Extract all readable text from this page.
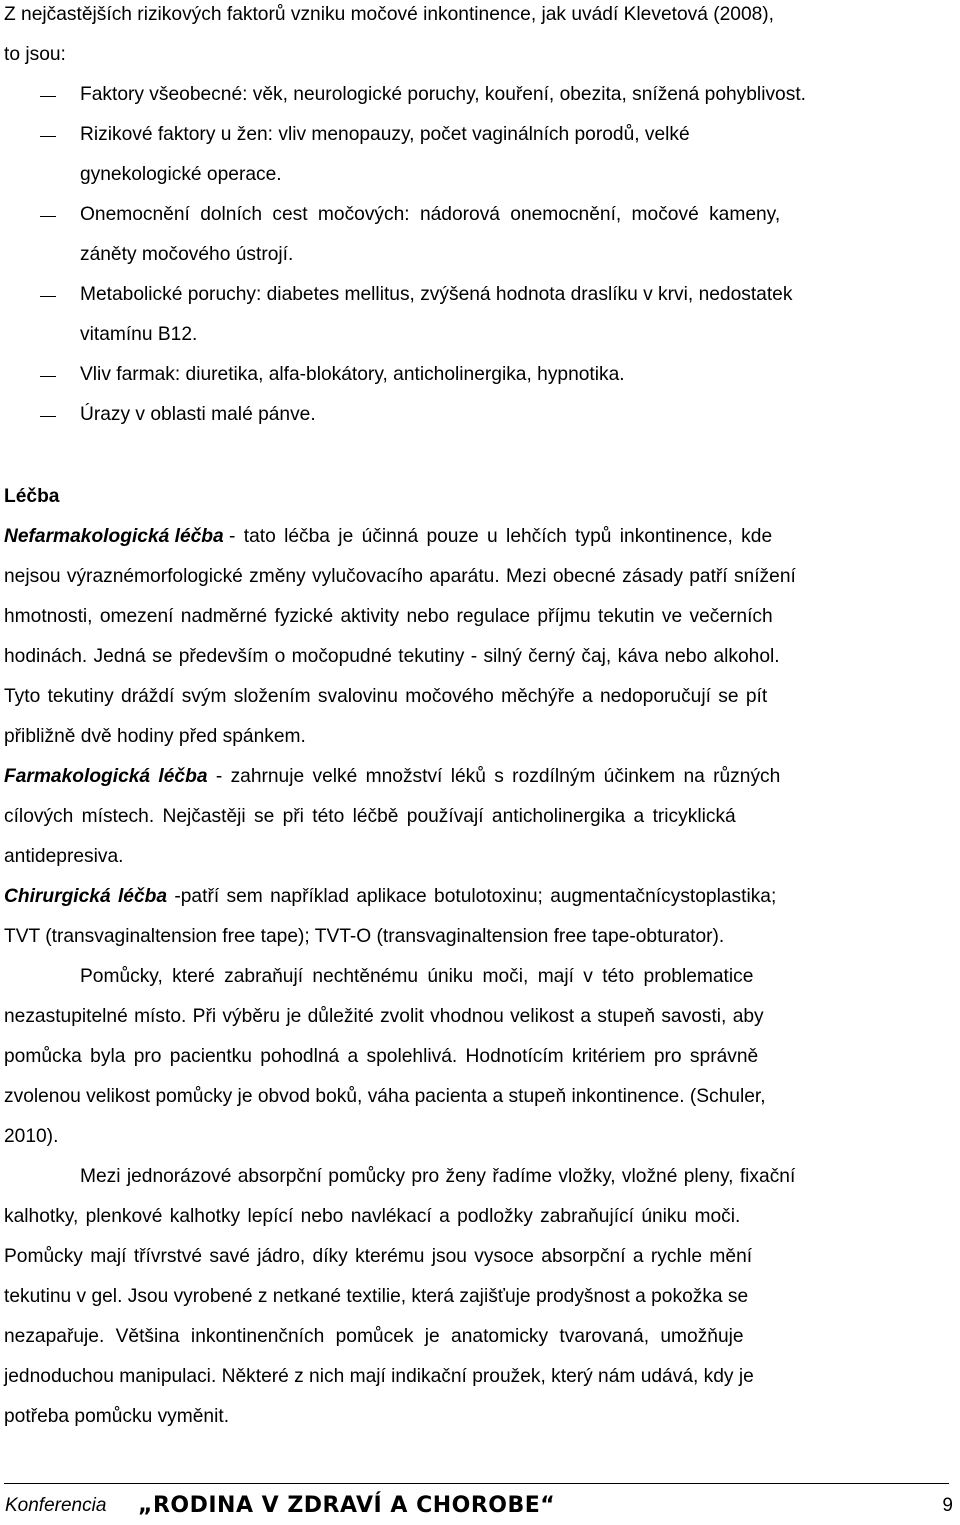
Z nejčastějších rizikových faktorů vzniku močové inkontinence, jak uvádí Klevetová (2008),
to jsou:
Faktory všeobecné: věk, neurologické poruchy, kouření, obezita, snížená pohyblivost.
Rizikové faktory u žen: vliv menopauzy, počet vaginálních porodů, velké
gynekologické operace.
Onemocnění dolních cest močových: nádorová onemocnění, močové kameny,
záněty močového ústrojí.
Metabolické poruchy: diabetes mellitus, zvýšená hodnota draslíku v krvi, nedostatek
vitamínu B12.
Vliv farmak: diuretika, alfa-blokátory, anticholinergika, hypnotika.
Úrazy v oblasti malé pánve.
Léčba
Nefarmakologická léčba - tato léčba je účinná pouze u lehčích typů inkontinence, kde
nejsou výraznémorfologické změny vylučovacího aparátu. Mezi obecné zásady patří snížení
hmotnosti, omezení nadměrné fyzické aktivity nebo regulace příjmu tekutin ve večerních
hodinách. Jedná se především o močopudné tekutiny - silný černý čaj, káva nebo alkohol.
Tyto tekutiny dráždí svým složením svalovinu močového měchýře a nedoporučují se pít
přibližně dvě hodiny před spánkem.
Farmakologická léčba - zahrnuje velké množství léků s rozdílným účinkem na různých
cílových místech. Nejčastěji se při této léčbě používají anticholinergika a tricyklická
antidepresiva.
Chirurgická léčba -patří sem například aplikace botulotoxinu; augmentačnícystoplastika;
TVT (transvaginaltension free tape); TVT-O (transvaginaltension free tape-obturator).
Pomůcky, které zabraňují nechtěnému úniku moči, mají v této problematice
nezastupitelné místo. Při výběru je důležité zvolit vhodnou velikost a stupeň savosti, aby
pomůcka byla pro pacientku pohodlná a spolehlivá. Hodnotícím kritériem pro správně
zvolenou velikost pomůcky je obvod boků, váha pacienta a stupeň inkontinence. (Schuler,
2010).
Mezi jednorázové absorpční pomůcky pro ženy řadíme vložky, vložné pleny, fixační
kalhotky, plenkové kalhotky lepící nebo navlékací a podložky zabraňující úniku moči.
Pomůcky mají třívrstvé savé jádro, díky kterému jsou vysoce absorpční a rychle mění
tekutinu v gel. Jsou vyrobené z netkané textilie, která zajišťuje prodyšnost a pokožka se
nezapařuje. Většina inkontinenčních pomůcek je anatomicky tvarovaná, umožňuje
jednoduchou manipulaci. Některé z nich mají indikační proužek, který nám udává, kdy je
potřeba pomůcku vyměnit.
Konferencia „RODINA V ZDRAVÍ A CHOROBE“	9
